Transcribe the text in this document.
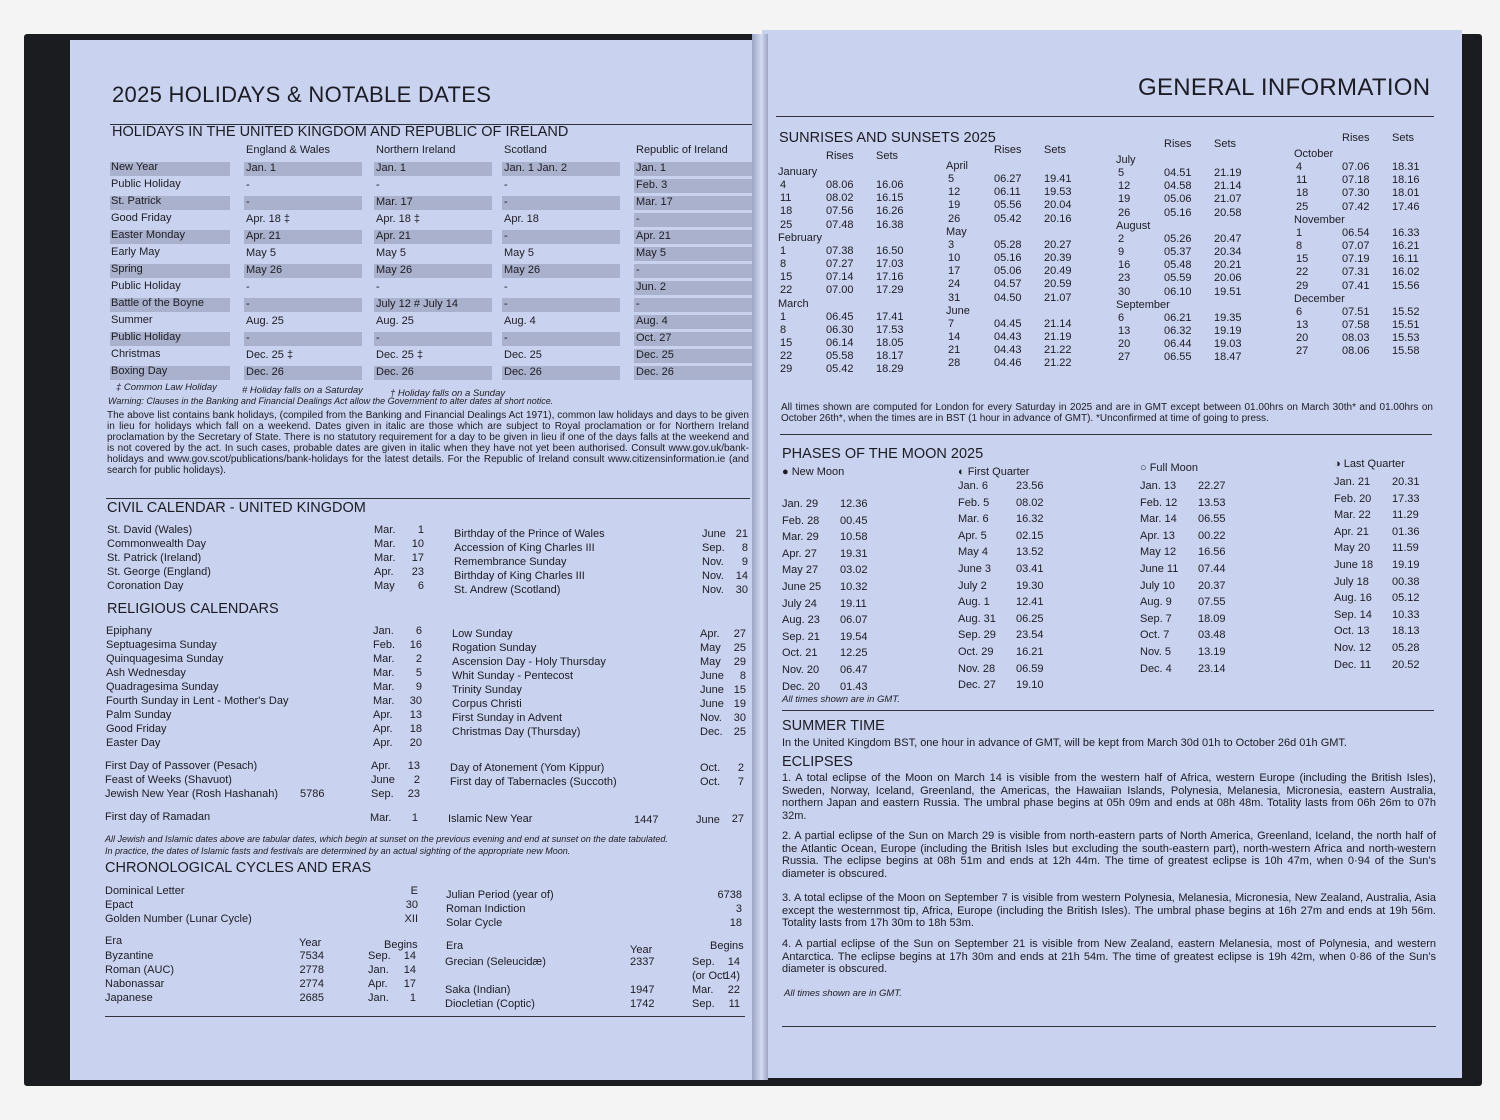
2025 HOLIDAYS & NOTABLE DATES
HOLIDAYS IN THE UNITED KINGDOM AND REPUBLIC OF IRELAND
England & Wales	Northern Ireland	Scotland	Republic of Ireland
New Year	Jan. 1	Jan. 1	Jan. 1 Jan. 2	Jan. 1
Public Holiday	-	-	-	Feb. 3
St. Patrick	-	Mar. 17	-	Mar. 17
Good Friday	Apr. 18 ‡	Apr. 18 ‡	Apr. 18	-
Easter Monday	Apr. 21	Apr. 21	-	Apr. 21
Early May	May 5	May 5	May 5	May 5
Spring	May 26	May 26	May 26	-
Public Holiday	-	-	-	Jun. 2
Battle of the Boyne	-	July 12 # July 14	-	-
Summer	Aug. 25	Aug. 25	Aug. 4	Aug. 4
Public Holiday	-	-	-	Oct. 27
Christmas	Dec. 25 ‡	Dec. 25 ‡	Dec. 25	Dec. 25
Boxing Day	Dec. 26	Dec. 26	Dec. 26	Dec. 26
‡ Common Law Holiday	# Holiday falls on a Saturday	† Holiday falls on a Sunday
Warning: Clauses in the Banking and Financial Dealings Act allow the Government to alter dates at short notice.
The above list contains bank holidays, (compiled from the Banking and Financial Dealings Act 1971), common law holidays and days to be given in lieu for holidays which fall on a weekend. Dates given in italic are those which are subject to Royal proclamation or for Northern Ireland proclamation by the Secretary of State. There is no statutory requirement for a day to be given in lieu if one of the days falls at the weekend and is not covered by the act. In such cases, probable dates are given in italic when they have not yet been authorised. Consult www.gov.uk/bank-holidays and www.gov.scot/publications/bank-holidays for the latest details. For the Republic of Ireland consult www.citizensinformation.ie (and search for public holidays).
CIVIL CALENDAR - UNITED KINGDOM
St. David (Wales)	Mar.	1
Commonwealth Day	Mar.	10
St. Patrick (Ireland)	Mar.	17
St. George (England)	Apr.	23
Coronation Day	May	6
Birthday of the Prince of Wales	June 21
Accession of King Charles III	Sep.	8
Remembrance Sunday	Nov.	9
Birthday of King Charles III	Nov.	14
St. Andrew (Scotland)	Nov.	30
RELIGIOUS CALENDARS
Epiphany	Jan.	6
Septuagesima Sunday	Feb.	16
Quinquagesima Sunday	Mar.	2
Ash Wednesday	Mar.	5
Quadragesima Sunday	Mar.	9
Fourth Sunday in Lent - Mother's Day	Mar.	30
Palm Sunday	Apr.	13
Good Friday	Apr.	18
Easter Day	Apr.	20
Low Sunday	Apr.	27
Rogation Sunday	May	25
Ascension Day - Holy Thursday	May	29
Whit Sunday - Pentecost	June	8
Trinity Sunday	June 15
Corpus Christi	June 19
First Sunday in Advent	Nov.	30
Christmas Day (Thursday)	Dec.	25
First Day of Passover (Pesach)	Apr.	13
Feast of Weeks (Shavuot)	June	2
Jewish New Year (Rosh Hashanah) 5786	Sep.	23
Day of Atonement (Yom Kippur)	Oct.	2
First day of Tabernacles (Succoth)	Oct.	7
First day of Ramadan	Mar.	1	Islamic New Year	1447	June	27
All Jewish and Islamic dates above are tabular dates, which begin at sunset on the previous evening and end at sunset on the date tabulated.
In practice, the dates of Islamic fasts and festivals are determined by an actual sighting of the appropriate new Moon.
CHRONOLOGICAL CYCLES AND ERAS
Dominical Letter	E
Epact	30
Golden Number (Lunar Cycle)	XII
Julian Period (year of)	6738
Roman Indiction	3
Solar Cycle	18
Era	Year	Begins	Era	Year	Begins
Byzantine	7534	Sep.	14
Roman (AUC)	2778	Jan.	14
Nabonassar	2774	Apr.	17
Japanese	2685	Jan.	1
Grecian (Seleucidæ)	2337	Sep.	14
(or Oct.
14)
Saka (Indian)	1947	Mar.	22
Diocletian (Coptic)	1742	Sep.	11
GENERAL INFORMATION
SUNRISES AND SUNSETS 2025
Rises Sets
January
4	08.06 16.06
11	08.02 16.15
18	07.56 16.26
25	07.48 16.38
February
1	07.38 16.50
8	07.27 17.03
15	07.14 17.16
22	07.00 17.29
March
1	06.45 17.41
8	06.30 17.53
15	06.14 18.05
22	05.58 18.17
29	05.42 18.29
Rises Sets
April
5	06.27 19.41
12	06.11 19.53
19	05.56 20.04
26	05.42 20.16
May
3	05.28 20.27
10	05.16 20.39
17	05.06 20.49
24	04.57 20.59
31	04.50 21.07
June
7	04.45 21.14
14	04.43 21.19
21	04.43 21.22
28	04.46 21.22
Rises Sets
July
5	04.51 21.19
12	04.58 21.14
19	05.06 21.07
26	05.16 20.58
August
2	05.26 20.47
9	05.37 20.34
16	05.48 20.21
23	05.59 20.06
30	06.10 19.51
September
6	06.21 19.35
13	06.32 19.19
20	06.44 19.03
27	06.55 18.47
Rises Sets
October
4	07.06 18.31
11	07.18 18.16
18	07.30 18.01
25	07.42 17.46
November
1	06.54 16.33
8	07.07 16.21
15	07.19 16.11
22	07.31 16.02
29	07.41 15.56
December
6	07.51 15.52
13	07.58 15.51
20	08.03 15.53
27	08.06 15.58
All times shown are computed for London for every Saturday in 2025 and are in GMT except between 01.00hrs on March 30th* and 01.00hrs on October 26th*, when the times are in BST (1 hour in advance of GMT). *Unconfirmed at time of going to press.
PHASES OF THE MOON 2025
● New Moon
Jan. 29 12.36
Feb. 28 00.45
Mar. 29 10.58
Apr. 27 19.31
May 27 03.02
June 25 10.32
July 24 19.11
Aug. 23 06.07
Sep. 21 19.54
Oct. 21 12.25
Nov. 20 06.47
Dec. 20 01.43
◐ First Quarter
Jan. 6	23.56
Feb. 5 08.02
Mar. 6 16.32
Apr. 5	02.15
May 4	13.52
June 3 03.41
July 2	19.30
Aug. 1 12.41
Aug. 31 06.25
Sep. 29 23.54
Oct. 29 16.21
Nov. 28 06.59
Dec. 27 19.10
○ Full Moon
Jan. 13 22.27
Feb. 12 13.53
Mar. 14 06.55
Apr. 13 00.22
May 12 16.56
June 11 07.44
July 10 20.37
Aug. 9 07.55
Sep. 7 18.09
Oct. 7	03.48
Nov. 5 13.19
Dec. 4 23.14
◑ Last Quarter
Jan. 21 20.31
Feb. 20 17.33
Mar. 22 11.29
Apr. 21 01.36
May 20 11.59
June 18 19.19
July 18 00.38
Aug. 16 05.12
Sep. 14 10.33
Oct. 13 18.13
Nov. 12 05.28
Dec. 11 20.52
All times shown are in GMT.
SUMMER TIME
In the United Kingdom BST, one hour in advance of GMT, will be kept from March 30d 01h to October 26d 01h GMT.
ECLIPSES
1. A total eclipse of the Moon on March 14 is visible from the western half of Africa, western Europe (including the British Isles), Sweden, Norway, Iceland, Greenland, the Americas, the Hawaiian Islands, Polynesia, Melanesia, Micronesia, eastern Australia, northern Japan and eastern Russia. The umbral phase begins at 05h 09m and ends at 08h 48m. Totality lasts from 06h 26m to 07h 32m.
2. A partial eclipse of the Sun on March 29 is visible from north-eastern parts of North America, Greenland, Iceland, the north half of the Atlantic Ocean, Europe (including the British Isles but excluding the south-eastern part), north-western Africa and north-western Russia. The eclipse begins at 08h 51m and ends at 12h 44m. The time of greatest eclipse is 10h 47m, when 0·94 of the Sun's diameter is obscured.
3. A total eclipse of the Moon on September 7 is visible from western Polynesia, Melanesia, Micronesia, New Zealand, Australia, Asia except the westernmost tip, Africa, Europe (including the British Isles). The umbral phase begins at 16h 27m and ends at 19h 56m. Totality lasts from 17h 30m to 18h 53m.
4. A partial eclipse of the Sun on September 21 is visible from New Zealand, eastern Melanesia, most of Polynesia, and western Antarctica. The eclipse begins at 17h 30m and ends at 21h 54m. The time of greatest eclipse is 19h 42m, when 0·86 of the Sun's diameter is obscured.
All times shown are in GMT.
